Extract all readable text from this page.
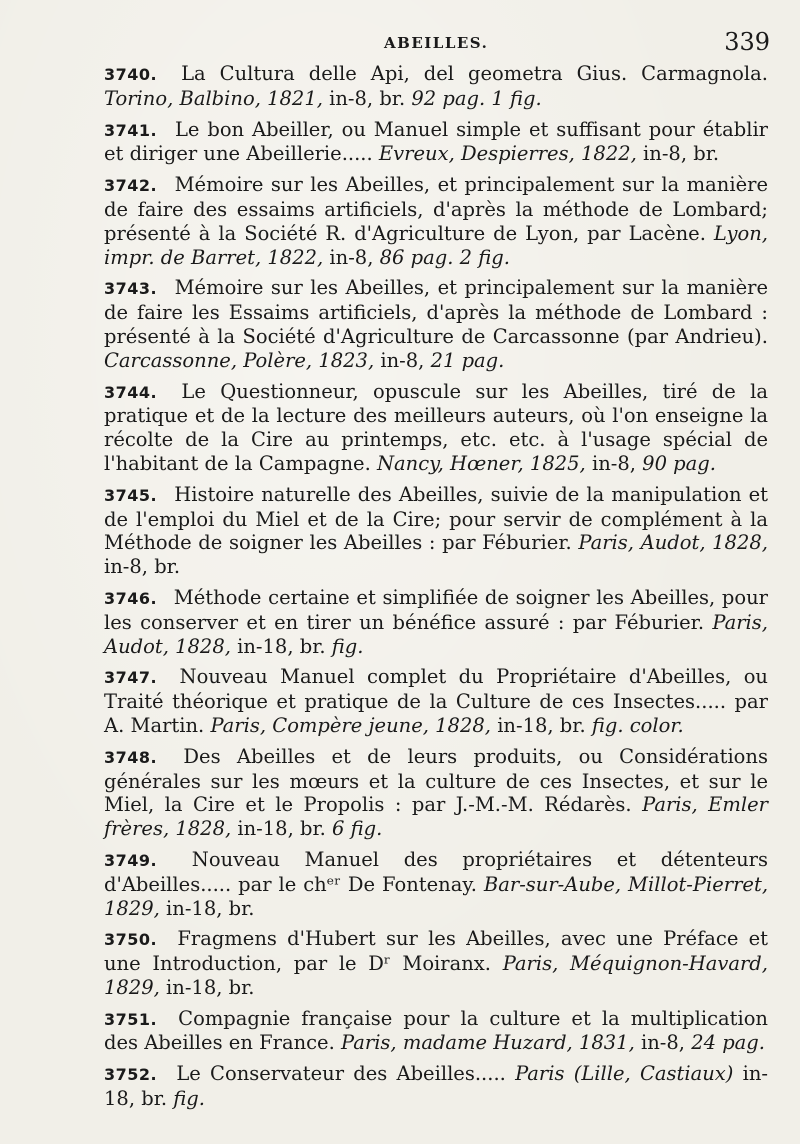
ABEILLES.	339
3740. La Cultura delle Api, del geometra Gius. Carmagnola. Torino, Balbino, 1821, in-8, br. 92 pag. 1 fig.
3741. Le bon Abeiller, ou Manuel simple et suffisant pour établir et diriger une Abeillerie..... Evreux, Despierres, 1822, in-8, br.
3742. Mémoire sur les Abeilles, et principalement sur la manière de faire des essaims artificiels, d'après la méthode de Lombard; présenté à la Société R. d'Agriculture de Lyon, par Lacène. Lyon, impr. de Barret, 1822, in-8, 86 pag. 2 fig.
3743. Mémoire sur les Abeilles, et principalement sur la manière de faire les Essaims artificiels, d'après la méthode de Lombard : présenté à la Société d'Agriculture de Carcassonne (par Andrieu). Carcassonne, Polère, 1823, in-8, 21 pag.
3744. Le Questionneur, opuscule sur les Abeilles, tiré de la pratique et de la lecture des meilleurs auteurs, où l'on enseigne la récolte de la Cire au printemps, etc. etc. à l'usage spécial de l'habitant de la Campagne. Nancy, Hœner, 1825, in-8, 90 pag.
3745. Histoire naturelle des Abeilles, suivie de la manipulation et de l'emploi du Miel et de la Cire; pour servir de complément à la Méthode de soigner les Abeilles : par Féburier. Paris, Audot, 1828, in-8, br.
3746. Méthode certaine et simplifiée de soigner les Abeilles, pour les conserver et en tirer un bénéfice assuré : par Féburier. Paris, Audot, 1828, in-18, br. fig.
3747. Nouveau Manuel complet du Propriétaire d'Abeilles, ou Traité théorique et pratique de la Culture de ces Insectes..... par A. Martin. Paris, Compère jeune, 1828, in-18, br. fig. color.
3748. Des Abeilles et de leurs produits, ou Considérations générales sur les mœurs et la culture de ces Insectes, et sur le Miel, la Cire et le Propolis : par J.-M.-M. Rédarès. Paris, Emler frères, 1828, in-18, br. 6 fig.
3749. Nouveau Manuel des propriétaires et détenteurs d'Abeilles..... par le chᵉʳ De Fontenay. Bar-sur-Aube, Millot-Pierret, 1829, in-18, br.
3750. Fragmens d'Hubert sur les Abeilles, avec une Préface et une Introduction, par le Dʳ Moiranx. Paris, Méquignon-Havard, 1829, in-18, br.
3751. Compagnie française pour la culture et la multiplication des Abeilles en France. Paris, madame Huzard, 1831, in-8, 24 pag.
3752. Le Conservateur des Abeilles..... Paris (Lille, Castiaux) in-18, br. fig.
